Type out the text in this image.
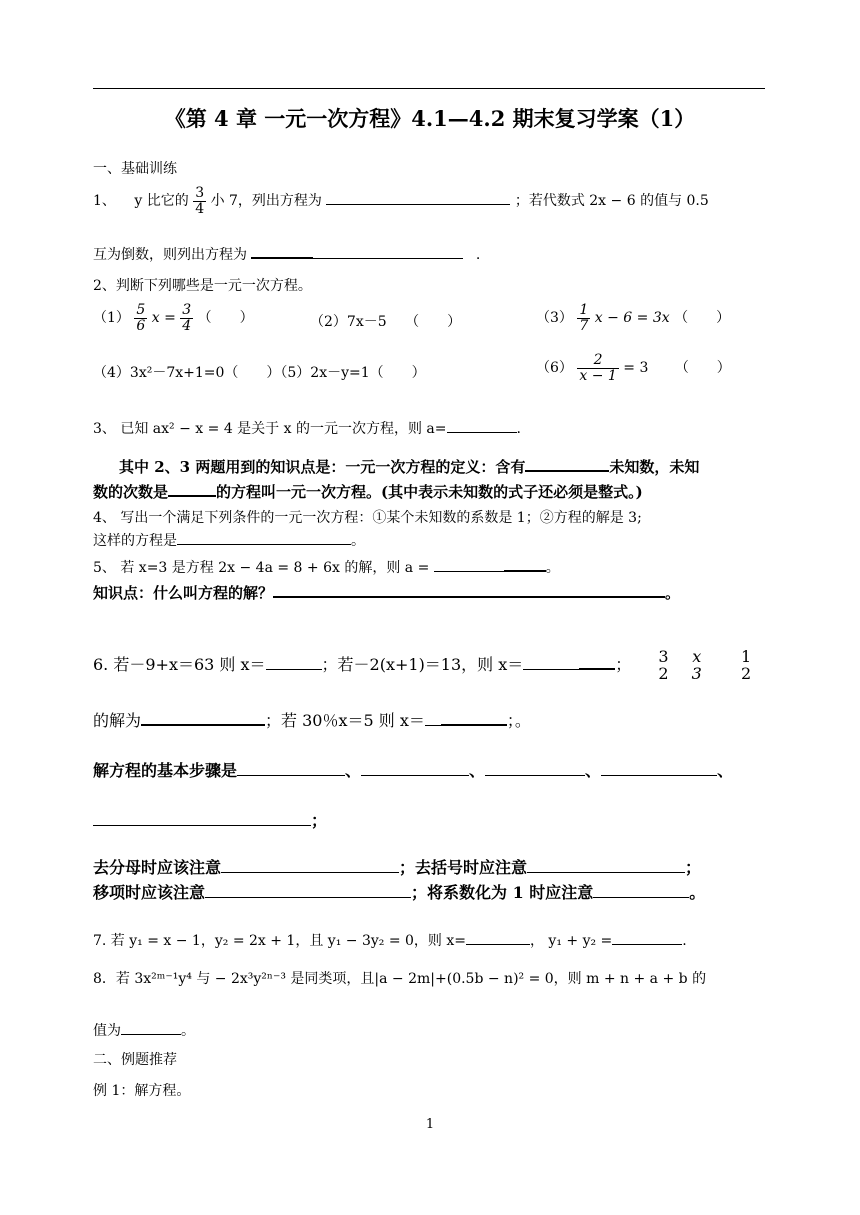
《第 4 章 一元一次方程》4.1—4.2 期末复习学案（1）
一、基础训练
1、 y 比它的 $\frac{3}{4}$ 小 7，列出方程为	；若代数式 2x − 6 的值与 0.5
互为倒数，则列出方程为	.
2、判断下列哪些是一元一次方程。
$(1) \frac{5}{6}$ $x = \frac{3}{4}$ （　　）	（2）7x－5 （　　）	$(3) \frac{1}{7}$ x − 6 = 3x （　　）
（4）3x²－7x+1=0（　　）（5）2x－y=1（　　）	$(6) \frac{2}{x - 1} = 3$ （　　）
3、 已知 ax² − x = 4 是关于 x 的一元一次方程，则 a=	.
其中 2、3 两题用到的知识点是：一元一次方程的定义：含有	未知数，未知
数的次数是	的方程叫一元一次方程。(其中表示未知数的式子还必须是整式。)
4、 写出一个满足下列条件的一元一次方程：①某个未知数的系数是 1；②方程的解是 3;
这样的方程是	。
5、 若 x=3 是方程 2x − 4a = 8 + 6x 的解，则 a =	。
知识点：什么叫方程的解？	。
6. 若－9+x＝63 则 x＝	；若－2(x+1)＝13，则 x＝	； 3
2

x
3

1
2
的解为	；若 30％x＝5 则 x＝	；。
解方程的基本步骤是	、	、	、	、
；
去分母时应该注意	；去括号时应注意	；
移项时应该注意	；将系数化为 1 时应注意	。
7. 若 y₁ = x − 1，y₂ = 2x + 1，且 y₁ − 3y₂ = 0，则 x=	， y₁ + y₂ =	.
8．若 3x²ᵐ⁻¹y⁴ 与 − 2x³y²ⁿ⁻³ 是同类项，且|a − 2m|+(0.5b − n)² = 0，则 m + n + a + b 的
值为	。
二、例题推荐
例 1：解方程。
1
